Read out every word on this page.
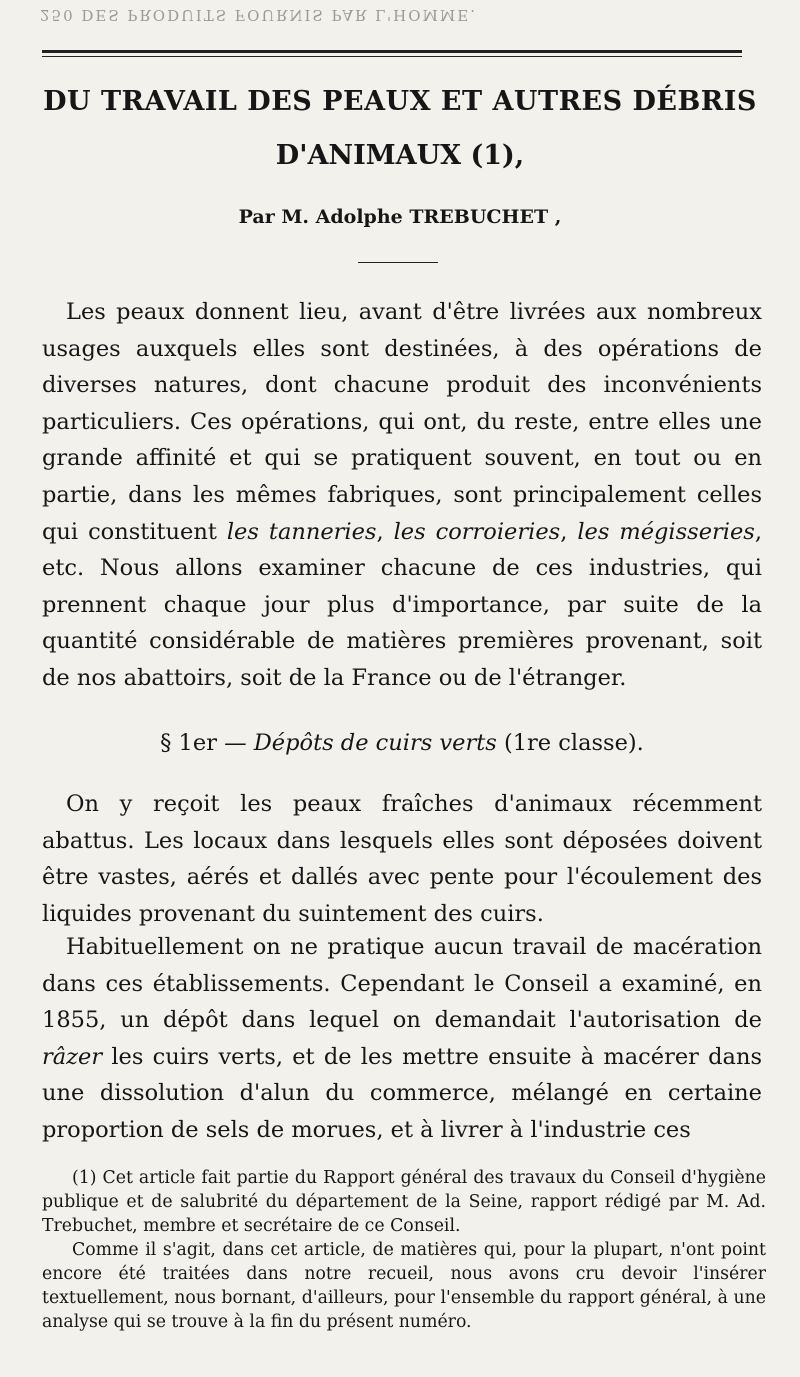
250 DES PRODUITS FOURNIS PAR L'HOMME.
DU TRAVAIL DES PEAUX ET AUTRES DÉBRIS
D'ANIMAUX (1),
Par M. Adolphe TREBUCHET ,

Les peaux donnent lieu, avant d'être livrées aux nombreux usages auxquels elles sont destinées, à des opérations de diverses natures, dont chacune produit des inconvénients particuliers. Ces opérations, qui ont, du reste, entre elles une grande affinité et qui se pratiquent souvent, en tout ou en partie, dans les mêmes fabriques, sont principalement celles qui constituent les tanneries, les corroieries, les mégisseries, etc. Nous allons examiner chacune de ces industries, qui prennent chaque jour plus d'importance, par suite de la quantité considérable de matières premières provenant, soit de nos abattoirs, soit de la France ou de l'étranger.

§ 1er — Dépôts de cuirs verts (1re classe).

On y reçoit les peaux fraîches d'animaux récemment abattus. Les locaux dans lesquels elles sont déposées doivent être vastes, aérés et dallés avec pente pour l'écoulement des liquides provenant du suintement des cuirs.

Habituellement on ne pratique aucun travail de macération dans ces établissements. Cependant le Conseil a examiné, en 1855, un dépôt dans lequel on demandait l'autorisation de râzer les cuirs verts, et de les mettre ensuite à macérer dans une dissolution d'alun du commerce, mélangé en certaine proportion de sels de morues, et à livrer à l'industrie ces

(1) Cet article fait partie du Rapport général des travaux du Conseil d'hygiène publique et de salubrité du département de la Seine, rapport rédigé par M. Ad. Trebuchet, membre et secrétaire de ce Conseil.

Comme il s'agit, dans cet article, de matières qui, pour la plupart, n'ont point encore été traitées dans notre recueil, nous avons cru devoir l'insérer textuellement, nous bornant, d'ailleurs, pour l'ensemble du rapport général, à une analyse qui se trouve à la fin du présent numéro.
